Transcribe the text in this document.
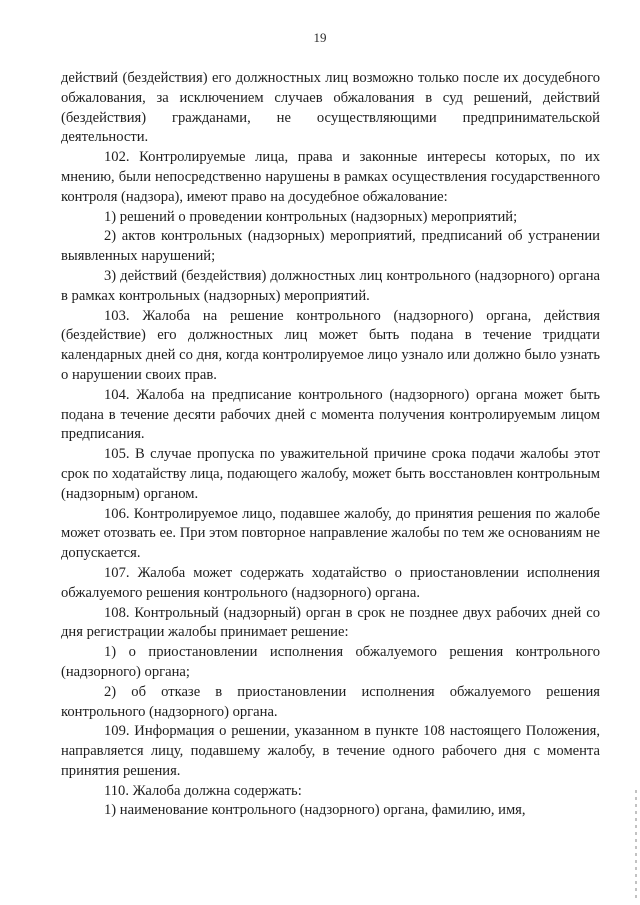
19

действий (бездействия) его должностных лиц возможно только после их досудебного обжалования, за исключением случаев обжалования в суд решений, действий (бездействия) гражданами, не осуществляющими предпринимательской деятельности.

102. Контролируемые лица, права и законные интересы которых, по их мнению, были непосредственно нарушены в рамках осуществления государственного контроля (надзора), имеют право на досудебное обжалование:

1) решений о проведении контрольных (надзорных) мероприятий;

2) актов контрольных (надзорных) мероприятий, предписаний об устранении выявленных нарушений;

3) действий (бездействия) должностных лиц контрольного (надзорного) органа в рамках контрольных (надзорных) мероприятий.

103. Жалоба на решение контрольного (надзорного) органа, действия (бездействие) его должностных лиц может быть подана в течение тридцати календарных дней со дня, когда контролируемое лицо узнало или должно было узнать о нарушении своих прав.

104. Жалоба на предписание контрольного (надзорного) органа может быть подана в течение десяти рабочих дней с момента получения контролируемым лицом предписания.

105. В случае пропуска по уважительной причине срока подачи жалобы этот срок по ходатайству лица, подающего жалобу, может быть восстановлен контрольным (надзорным) органом.

106. Контролируемое лицо, подавшее жалобу, до принятия решения по жалобе может отозвать ее. При этом повторное направление жалобы по тем же основаниям не допускается.

107. Жалоба может содержать ходатайство о приостановлении исполнения обжалуемого решения контрольного (надзорного) органа.

108. Контрольный (надзорный) орган в срок не позднее двух рабочих дней со дня регистрации жалобы принимает решение:

1) о приостановлении исполнения обжалуемого решения контрольного (надзорного) органа;

2) об отказе в приостановлении исполнения обжалуемого решения контрольного (надзорного) органа.

109. Информация о решении, указанном в пункте 108 настоящего Положения, направляется лицу, подавшему жалобу, в течение одного рабочего дня с момента принятия решения.

110. Жалоба должна содержать:

1) наименование контрольного (надзорного) органа, фамилию, имя,
